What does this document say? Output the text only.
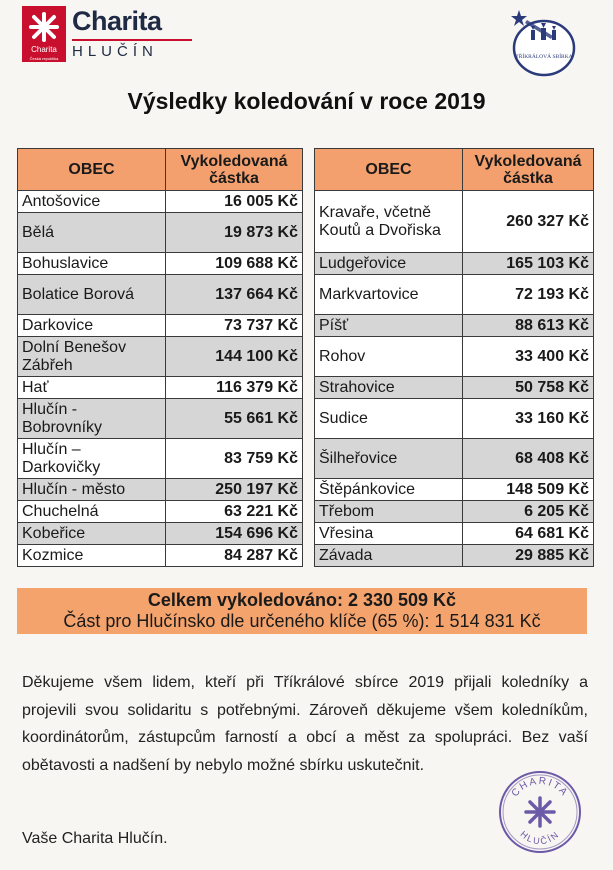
Charita
Česká republika
Charita
HLUČÍN	TŘÍKRÁLOVÁ SBÍRKA
Výsledky koledování v roce 2019
OBEC	Vykoledovaná částka
Antošovice	16 005 Kč
Bělá	19 873 Kč
Bohuslavice	109 688 Kč
Bolatice Borová	137 664 Kč
Darkovice	73 737 Kč
Dolní Benešov Zábřeh	144 100 Kč
Hať	116 379 Kč
Hlučín - Bobrovníky	55 661 Kč
Hlučín – Darkovičky	83 759 Kč
Hlučín - město	250 197 Kč
Chuchelná	63 221 Kč
Kobeřice	154 696 Kč
Kozmice	84 287 Kč
OBEC	Vykoledovaná částka
Kravaře, včetně Koutů a Dvořiska	260 327 Kč
Ludgeřovice	165 103 Kč
Markvartovice	72 193 Kč
Píšť	88 613 Kč
Rohov	33 400 Kč
Strahovice	50 758 Kč
Sudice	33 160 Kč
Šilheřovice	68 408 Kč
Štěpánkovice	148 509 Kč
Třebom	6 205 Kč
Vřesina	64 681 Kč
Závada	29 885 Kč
Celkem vykoledováno: 2 330 509 Kč
Část pro Hlučínsko dle určeného klíče (65 %): 1 514 831 Kč

Děkujeme všem lidem, kteří při Tříkrálové sbírce 2019 přijali koledníky a projevili svou solidaritu s potřebnými. Zároveň děkujeme všem koledníkům, koordinátorům, zástupcům farností a obcí a měst za spolupráci. Bez vaší obětavosti a nadšení by nebylo možné sbírku uskutečnit.

Vaše Charita Hlučín.
CHARITA
HLUČÍN
